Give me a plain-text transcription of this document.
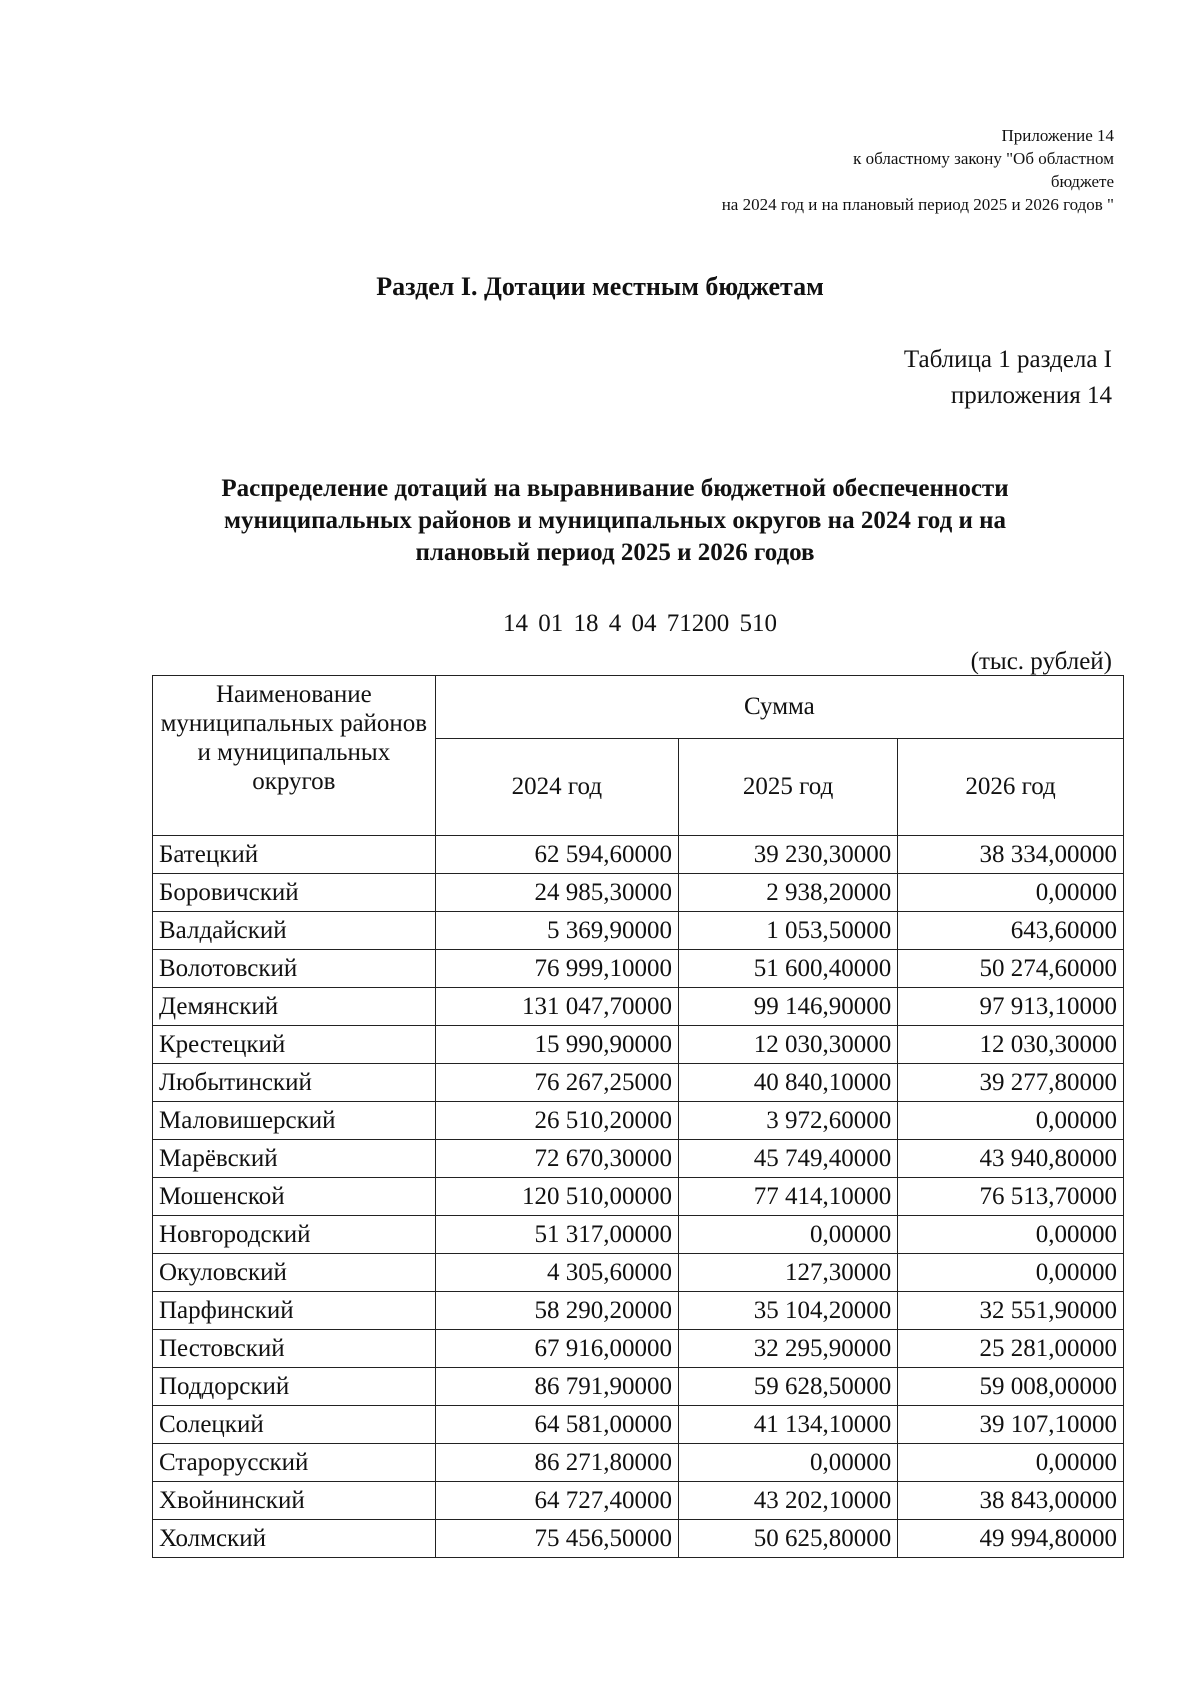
Приложение 14
к областному закону "Об областном
бюджете
на 2024 год и на плановый период 2025 и 2026 годов "
Раздел I. Дотации местным бюджетам
Таблица 1 раздела I
приложения 14
Распределение дотаций на выравнивание бюджетной обеспеченности
муниципальных районов и муниципальных округов на 2024 год и на
плановый период 2025 и 2026 годов
14 01 18 4 04 71200 510
(тыс. рублей)
Наименование муниципальных районов и муниципальных округов	Сумма		
	2024 год	2025 год	2026 год
Батецкий	62 594,60000	39 230,30000	38 334,00000
Боровичский	24 985,30000	2 938,20000	0,00000
Валдайский	5 369,90000	1 053,50000	643,60000
Волотовский	76 999,10000	51 600,40000	50 274,60000
Демянский	131 047,70000	99 146,90000	97 913,10000
Крестецкий	15 990,90000	12 030,30000	12 030,30000
Любытинский	76 267,25000	40 840,10000	39 277,80000
Маловишерский	26 510,20000	3 972,60000	0,00000
Марёвский	72 670,30000	45 749,40000	43 940,80000
Мошенской	120 510,00000	77 414,10000	76 513,70000
Новгородский	51 317,00000	0,00000	0,00000
Окуловский	4 305,60000	127,30000	0,00000
Парфинский	58 290,20000	35 104,20000	32 551,90000
Пестовский	67 916,00000	32 295,90000	25 281,00000
Поддорский	86 791,90000	59 628,50000	59 008,00000
Солецкий	64 581,00000	41 134,10000	39 107,10000
Старорусский	86 271,80000	0,00000	0,00000
Хвойнинский	64 727,40000	43 202,10000	38 843,00000
Холмский	75 456,50000	50 625,80000	49 994,80000
